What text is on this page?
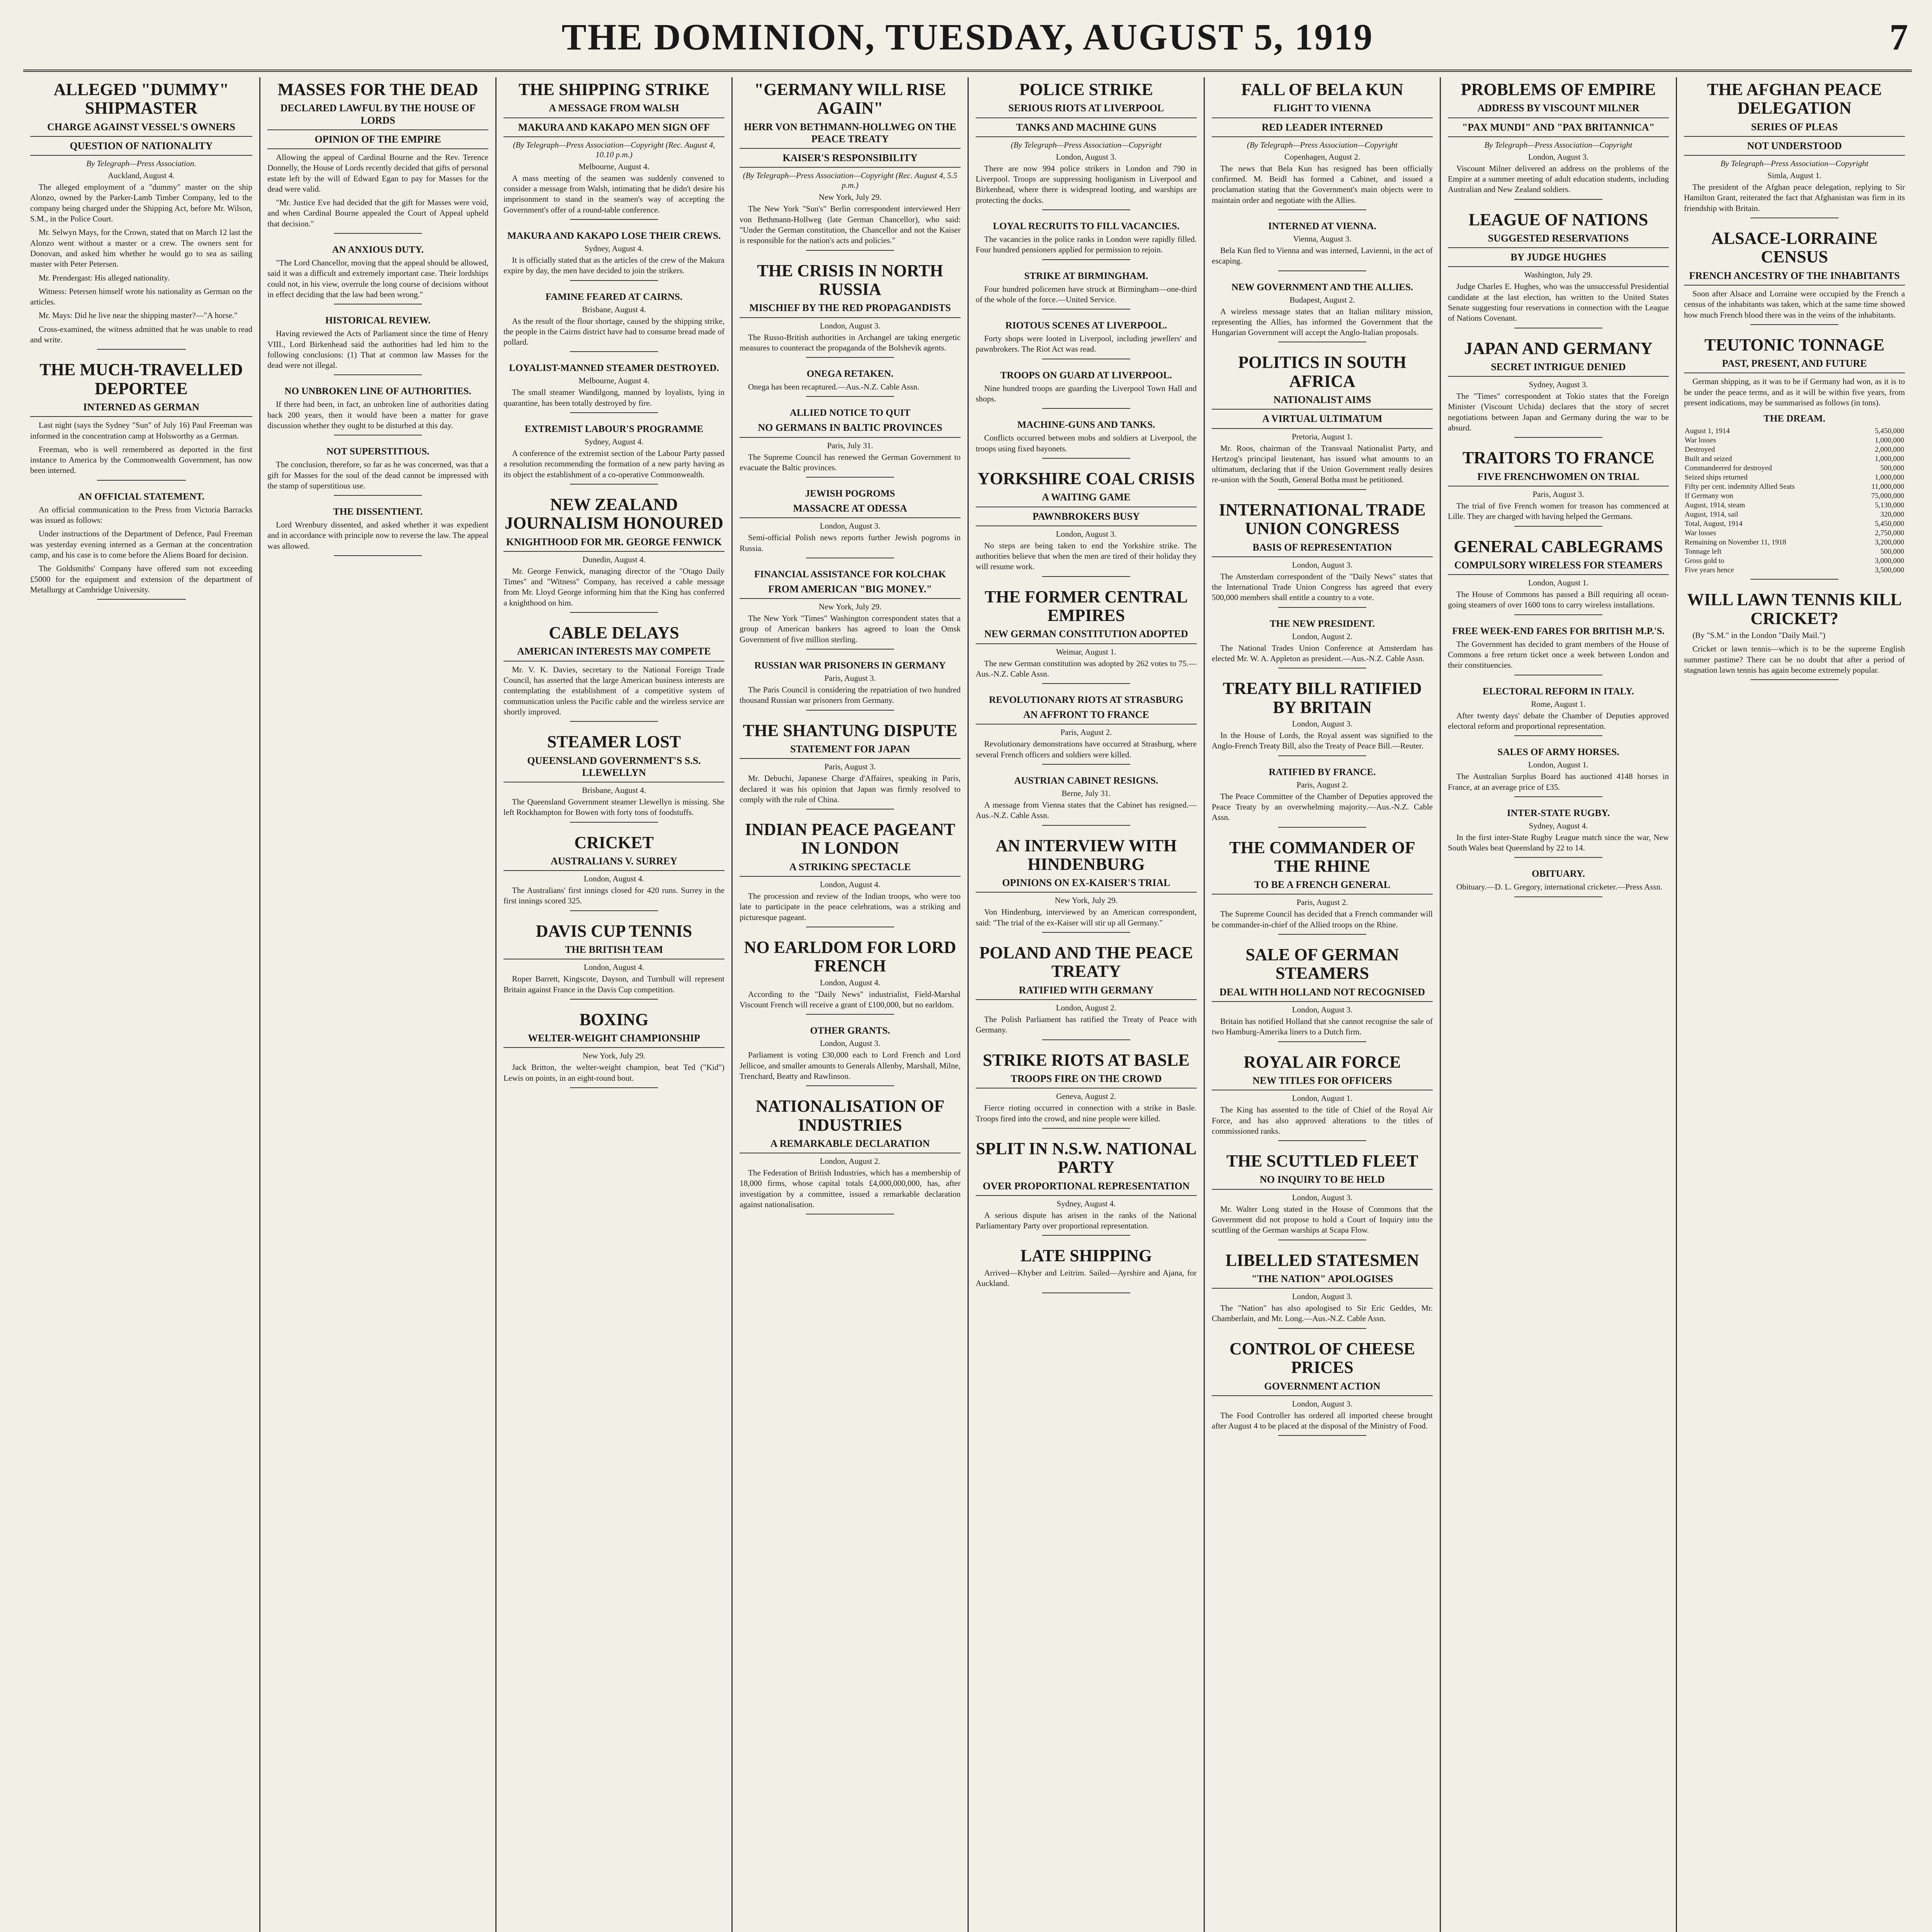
THE DOMINION, TUESDAY, AUGUST 5, 1919	7
ALLEGED "DUMMY" SHIPMASTER
CHARGE AGAINST VESSEL'S OWNERS
QUESTION OF NATIONALITY
By Telegraph—Press Association.
Auckland, August 4.

The alleged employment of a "dummy" master on the ship Alonzo, owned by the Parker-Lamb Timber Company, led to the company being charged under the Shipping Act, before Mr. Wilson, S.M., in the Police Court.

Mr. Selwyn Mays, for the Crown, stated that on March 12 last the Alonzo went without a master or a crew. The owners sent for Donovan, and asked him whether he would go to sea as sailing master with Peter Petersen.

Mr. Prendergast: His alleged nationality.

Witness: Petersen himself wrote his nationality as German on the articles.

Mr. Mays: Did he live near the shipping master?—"A horse."

Cross-examined, the witness admitted that he was unable to read and write.

THE MUCH-TRAVELLED DEPORTEE
INTERNED AS GERMAN

Last night (says the Sydney "Sun" of July 16) Paul Freeman was informed in the concentration camp at Holsworthy as a German.

Freeman, who is well remembered as deported in the first instance to America by the Commonwealth Government, has now been interned.

AN OFFICIAL STATEMENT.

An official communication to the Press from Victoria Barracks was issued as follows:

Under instructions of the Department of Defence, Paul Freeman was yesterday evening interned as a German at the concentration camp, and his case is to come before the Aliens Board for decision.

The Goldsmiths' Company have offered sum not exceeding £5000 for the equipment and extension of the department of Metallurgy at Cambridge University.

MASSES FOR THE DEAD
DECLARED LAWFUL BY THE HOUSE OF LORDS
OPINION OF THE EMPIRE

Allowing the appeal of Cardinal Bourne and the Rev. Terence Donnelly, the House of Lords recently decided that gifts of personal estate left by the will of Edward Egan to pay for Masses for the dead were valid.

"Mr. Justice Eve had decided that the gift for Masses were void, and when Cardinal Bourne appealed the Court of Appeal upheld that decision."

AN ANXIOUS DUTY.

"The Lord Chancellor, moving that the appeal should be allowed, said it was a difficult and extremely important case. Their lordships could not, in his view, overrule the long course of decisions without in effect deciding that the law had been wrong."

HISTORICAL REVIEW.

Having reviewed the Acts of Parliament since the time of Henry VIII., Lord Birkenhead said the authorities had led him to the following conclusions: (1) That at common law Masses for the dead were not illegal.

NO UNBROKEN LINE OF AUTHORITIES.

If there had been, in fact, an unbroken line of authorities dating back 200 years, then it would have been a matter for grave discussion whether they ought to be disturbed at this day.

NOT SUPERSTITIOUS.

The conclusion, therefore, so far as he was concerned, was that a gift for Masses for the soul of the dead cannot be impressed with the stamp of superstitious use.

THE DISSENTIENT.

Lord Wrenbury dissented, and asked whether it was expedient and in accordance with principle now to reverse the law. The appeal was allowed.

THE SHIPPING STRIKE
A MESSAGE FROM WALSH
MAKURA AND KAKAPO MEN SIGN OFF
(By Telegraph—Press Association—Copyright (Rec. August 4, 10.10 p.m.)
Melbourne, August 4.

A mass meeting of the seamen was suddenly convened to consider a message from Walsh, intimating that he didn't desire his imprisonment to stand in the seamen's way of accepting the Government's offer of a round-table conference.

MAKURA AND KAKAPO LOSE THEIR CREWS.
Sydney, August 4.

It is officially stated that as the articles of the crew of the Makura expire by day, the men have decided to join the strikers.

FAMINE FEARED AT CAIRNS.
Brisbane, August 4.

As the result of the flour shortage, caused by the shipping strike, the people in the Cairns district have had to consume bread made of pollard.

LOYALIST-MANNED STEAMER DESTROYED.
Melbourne, August 4.

The small steamer Wandilgong, manned by loyalists, lying in quarantine, has been totally destroyed by fire.

EXTREMIST LABOUR'S PROGRAMME
Sydney, August 4.

A conference of the extremist section of the Labour Party passed a resolution recommending the formation of a new party having as its object the establishment of a co-operative Commonwealth.

NEW ZEALAND JOURNALISM HONOURED
KNIGHTHOOD FOR MR. GEORGE FENWICK
Dunedin, August 4.

Mr. George Fenwick, managing director of the "Otago Daily Times" and "Witness" Company, has received a cable message from Mr. Lloyd George informing him that the King has conferred a knighthood on him.

CABLE DELAYS
AMERICAN INTERESTS MAY COMPETE

Mr. V. K. Davies, secretary to the National Foreign Trade Council, has asserted that the large American business interests are contemplating the establishment of a competitive system of communication unless the Pacific cable and the wireless service are shortly improved.

STEAMER LOST
QUEENSLAND GOVERNMENT'S S.S. LLEWELLYN
Brisbane, August 4.

The Queensland Government steamer Llewellyn is missing. She left Rockhampton for Bowen with forty tons of foodstuffs.

CRICKET
AUSTRALIANS V. SURREY
London, August 4.

The Australians' first innings closed for 420 runs. Surrey in the first innings scored 325.

DAVIS CUP TENNIS
THE BRITISH TEAM
London, August 4.

Roper Barrett, Kingscote, Dayson, and Turnbull will represent Britain against France in the Davis Cup competition.

BOXING
WELTER-WEIGHT CHAMPIONSHIP
New York, July 29.

Jack Britton, the welter-weight champion, beat Ted ("Kid") Lewis on points, in an eight-round bout.

"GERMANY WILL RISE AGAIN"
HERR VON BETHMANN-HOLLWEG ON THE PEACE TREATY
KAISER'S RESPONSIBILITY
(By Telegraph—Press Association—Copyright (Rec. August 4, 5.5 p.m.)
New York, July 29.

The New York "Sun's" Berlin correspondent interviewed Herr von Bethmann-Hollweg (late German Chancellor), who said: "Under the German constitution, the Chancellor and not the Kaiser is responsible for the nation's acts and policies."

THE CRISIS IN NORTH RUSSIA
MISCHIEF BY THE RED PROPAGANDISTS
London, August 3.

The Russo-British authorities in Archangel are taking energetic measures to counteract the propaganda of the Bolshevik agents.

ONEGA RETAKEN.

Onega has been recaptured.—Aus.-N.Z. Cable Assn.

ALLIED NOTICE TO QUIT
NO GERMANS IN BALTIC PROVINCES
Paris, July 31.

The Supreme Council has renewed the German Government to evacuate the Baltic provinces.

JEWISH POGROMS
MASSACRE AT ODESSA
London, August 3.

Semi-official Polish news reports further Jewish pogroms in Russia.

FINANCIAL ASSISTANCE FOR KOLCHAK
FROM AMERICAN "BIG MONEY."
New York, July 29.

The New York "Times" Washington correspondent states that a group of American bankers has agreed to loan the Omsk Government of five million sterling.

RUSSIAN WAR PRISONERS IN GERMANY
Paris, August 3.

The Paris Council is considering the repatriation of two hundred thousand Russian war prisoners from Germany.

THE SHANTUNG DISPUTE
STATEMENT FOR JAPAN
Paris, August 3.

Mr. Debuchi, Japanese Charge d'Affaires, speaking in Paris, declared it was his opinion that Japan was firmly resolved to comply with the rule of China.

INDIAN PEACE PAGEANT IN LONDON
A STRIKING SPECTACLE
London, August 4.

The procession and review of the Indian troops, who were too late to participate in the peace celebrations, was a striking and picturesque pageant.

NO EARLDOM FOR LORD FRENCH
London, August 4.

According to the "Daily News" industrialist, Field-Marshal Viscount French will receive a grant of £100,000, but no earldom.

OTHER GRANTS.
London, August 3.

Parliament is voting £30,000 each to Lord French and Lord Jellicoe, and smaller amounts to Generals Allenby, Marshall, Milne, Trenchard, Beatty and Rawlinson.

NATIONALISATION OF INDUSTRIES
A REMARKABLE DECLARATION
London, August 2.

The Federation of British Industries, which has a membership of 18,000 firms, whose capital totals £4,000,000,000, has, after investigation by a committee, issued a remarkable declaration against nationalisation.

POLICE STRIKE
SERIOUS RIOTS AT LIVERPOOL
TANKS AND MACHINE GUNS
(By Telegraph—Press Association—Copyright
London, August 3.

There are now 994 police strikers in London and 790 in Liverpool. Troops are suppressing hooliganism in Liverpool and Birkenhead, where there is widespread looting, and warships are protecting the docks.

LOYAL RECRUITS TO FILL VACANCIES.

The vacancies in the police ranks in London were rapidly filled. Four hundred pensioners applied for permission to rejoin.

STRIKE AT BIRMINGHAM.

Four hundred policemen have struck at Birmingham—one-third of the whole of the force.—United Service.

RIOTOUS SCENES AT LIVERPOOL.

Forty shops were looted in Liverpool, including jewellers' and pawnbrokers. The Riot Act was read.

TROOPS ON GUARD AT LIVERPOOL.

Nine hundred troops are guarding the Liverpool Town Hall and shops.

MACHINE-GUNS AND TANKS.

Conflicts occurred between mobs and soldiers at Liverpool, the troops using fixed bayonets.

YORKSHIRE COAL CRISIS
A WAITING GAME
PAWNBROKERS BUSY
London, August 3.

No steps are being taken to end the Yorkshire strike. The authorities believe that when the men are tired of their holiday they will resume work.

THE FORMER CENTRAL EMPIRES
NEW GERMAN CONSTITUTION ADOPTED
Weimar, August 1.

The new German constitution was adopted by 262 votes to 75.—Aus.-N.Z. Cable Assn.

REVOLUTIONARY RIOTS AT STRASBURG
AN AFFRONT TO FRANCE
Paris, August 2.

Revolutionary demonstrations have occurred at Strasburg, where several French officers and soldiers were killed.

AUSTRIAN CABINET RESIGNS.
Berne, July 31.

A message from Vienna states that the Cabinet has resigned.—Aus.-N.Z. Cable Assn.

AN INTERVIEW WITH HINDENBURG
OPINIONS ON EX-KAISER'S TRIAL
New York, July 29.

Von Hindenburg, interviewed by an American correspondent, said: "The trial of the ex-Kaiser will stir up all Germany."

POLAND AND THE PEACE TREATY
RATIFIED WITH GERMANY
London, August 2.

The Polish Parliament has ratified the Treaty of Peace with Germany.

STRIKE RIOTS AT BASLE
TROOPS FIRE ON THE CROWD
Geneva, August 2.

Fierce rioting occurred in connection with a strike in Basle. Troops fired into the crowd, and nine people were killed.

SPLIT IN N.S.W. NATIONAL PARTY
OVER PROPORTIONAL REPRESENTATION
Sydney, August 4.

A serious dispute has arisen in the ranks of the National Parliamentary Party over proportional representation.

LATE SHIPPING

Arrived—Khyber and Leitrim. Sailed—Ayrshire and Ajana, for Auckland.

FALL OF BELA KUN
FLIGHT TO VIENNA
RED LEADER INTERNED
(By Telegraph—Press Association—Copyright
Copenhagen, August 2.

The news that Bela Kun has resigned has been officially confirmed. M. Beidl has formed a Cabinet, and issued a proclamation stating that the Government's main objects were to maintain order and negotiate with the Allies.

INTERNED AT VIENNA.
Vienna, August 3.

Bela Kun fled to Vienna and was interned, Lavienni, in the act of escaping.

NEW GOVERNMENT AND THE ALLIES.
Budapest, August 2.

A wireless message states that an Italian military mission, representing the Allies, has informed the Government that the Hungarian Government will accept the Anglo-Italian proposals.

POLITICS IN SOUTH AFRICA
NATIONALIST AIMS
A VIRTUAL ULTIMATUM
Pretoria, August 1.

Mr. Roos, chairman of the Transvaal Nationalist Party, and Hertzog's principal lieutenant, has issued what amounts to an ultimatum, declaring that if the Union Government really desires re-union with the South, General Botha must be petitioned.

INTERNATIONAL TRADE UNION CONGRESS
BASIS OF REPRESENTATION
London, August 3.

The Amsterdam correspondent of the "Daily News" states that the International Trade Union Congress has agreed that every 500,000 members shall entitle a country to a vote.

THE NEW PRESIDENT.
London, August 2.

The National Trades Union Conference at Amsterdam has elected Mr. W. A. Appleton as president.—Aus.-N.Z. Cable Assn.

TREATY BILL RATIFIED BY BRITAIN
London, August 3.

In the House of Lords, the Royal assent was signified to the Anglo-French Treaty Bill, also the Treaty of Peace Bill.—Reuter.

RATIFIED BY FRANCE.
Paris, August 2.

The Peace Committee of the Chamber of Deputies approved the Peace Treaty by an overwhelming majority.—Aus.-N.Z. Cable Assn.

THE COMMANDER OF THE RHINE
TO BE A FRENCH GENERAL
Paris, August 2.

The Supreme Council has decided that a French commander will be commander-in-chief of the Allied troops on the Rhine.

SALE OF GERMAN STEAMERS
DEAL WITH HOLLAND NOT RECOGNISED
London, August 3.

Britain has notified Holland that she cannot recognise the sale of two Hamburg-Amerika liners to a Dutch firm.

ROYAL AIR FORCE
NEW TITLES FOR OFFICERS
London, August 1.

The King has assented to the title of Chief of the Royal Air Force, and has also approved alterations to the titles of commissioned ranks.

THE SCUTTLED FLEET
NO INQUIRY TO BE HELD
London, August 3.

Mr. Walter Long stated in the House of Commons that the Government did not propose to hold a Court of Inquiry into the scuttling of the German warships at Scapa Flow.

LIBELLED STATESMEN
"THE NATION" APOLOGISES
London, August 3.

The "Nation" has also apologised to Sir Eric Geddes, Mr. Chamberlain, and Mr. Long.—Aus.-N.Z. Cable Assn.

CONTROL OF CHEESE PRICES
GOVERNMENT ACTION
London, August 3.

The Food Controller has ordered all imported cheese brought after August 4 to be placed at the disposal of the Ministry of Food.

PROBLEMS OF EMPIRE
ADDRESS BY VISCOUNT MILNER
"PAX MUNDI" AND "PAX BRITANNICA"
By Telegraph—Press Association—Copyright
London, August 3.

Viscount Milner delivered an address on the problems of the Empire at a summer meeting of adult education students, including Australian and New Zealand soldiers.

LEAGUE OF NATIONS
SUGGESTED RESERVATIONS
BY JUDGE HUGHES
Washington, July 29.

Judge Charles E. Hughes, who was the unsuccessful Presidential candidate at the last election, has written to the United States Senate suggesting four reservations in connection with the League of Nations Covenant.

JAPAN AND GERMANY
SECRET INTRIGUE DENIED
Sydney, August 3.

The "Times" correspondent at Tokio states that the Foreign Minister (Viscount Uchida) declares that the story of secret negotiations between Japan and Germany during the war to be absurd.

TRAITORS TO FRANCE
FIVE FRENCHWOMEN ON TRIAL
Paris, August 3.

The trial of five French women for treason has commenced at Lille. They are charged with having helped the Germans.

GENERAL CABLEGRAMS
COMPULSORY WIRELESS FOR STEAMERS
London, August 1.

The House of Commons has passed a Bill requiring all ocean-going steamers of over 1600 tons to carry wireless installations.

FREE WEEK-END FARES FOR BRITISH M.P.'S.

The Government has decided to grant members of the House of Commons a free return ticket once a week between London and their constituencies.

ELECTORAL REFORM IN ITALY.
Rome, August 1.

After twenty days' debate the Chamber of Deputies approved electoral reform and proportional representation.

SALES OF ARMY HORSES.
London, August 1.

The Australian Surplus Board has auctioned 4148 horses in France, at an average price of £35.

INTER-STATE RUGBY.
Sydney, August 4.

In the first inter-State Rugby League match since the war, New South Wales beat Queensland by 22 to 14.

OBITUARY.

Obituary.—D. L. Gregory, international cricketer.—Press Assn.

THE AFGHAN PEACE DELEGATION
SERIES OF PLEAS
NOT UNDERSTOOD
By Telegraph—Press Association—Copyright
Simla, August 1.

The president of the Afghan peace delegation, replying to Sir Hamilton Grant, reiterated the fact that Afghanistan was firm in its friendship with Britain.

ALSACE-LORRAINE CENSUS
FRENCH ANCESTRY OF THE INHABITANTS

Soon after Alsace and Lorraine were occupied by the French a census of the inhabitants was taken, which at the same time showed how much French blood there was in the veins of the inhabitants.

TEUTONIC TONNAGE
PAST, PRESENT, AND FUTURE

German shipping, as it was to be if Germany had won, as it is to be under the peace terms, and as it will be within five years, from present indications, may be summarised as follows (in tons).

THE DREAM.
August 1, 1914	5,450,000
War losses	1,000,000
Destroyed	2,000,000
Built and seized	1,000,000
Commandeered for destroyed	500,000
Seized ships returned	1,000,000
Fifty per cent. indemnity Allied Seats	11,000,000
If Germany won	75,000,000
August, 1914, steam	5,130,000
August, 1914, sail	320,000
Total, August, 1914	5,450,000
War losses	2,750,000
Remaining on November 11, 1918	3,200,000
Tonnage left	500,000
Gross gold to	3,000,000
Five years hence	3,500,000
WILL LAWN TENNIS KILL CRICKET?

(By "S.M." in the London "Daily Mail.")

Cricket or lawn tennis—which is to be the supreme English summer pastime? There can be no doubt that after a period of stagnation lawn tennis has again become extremely popular.
